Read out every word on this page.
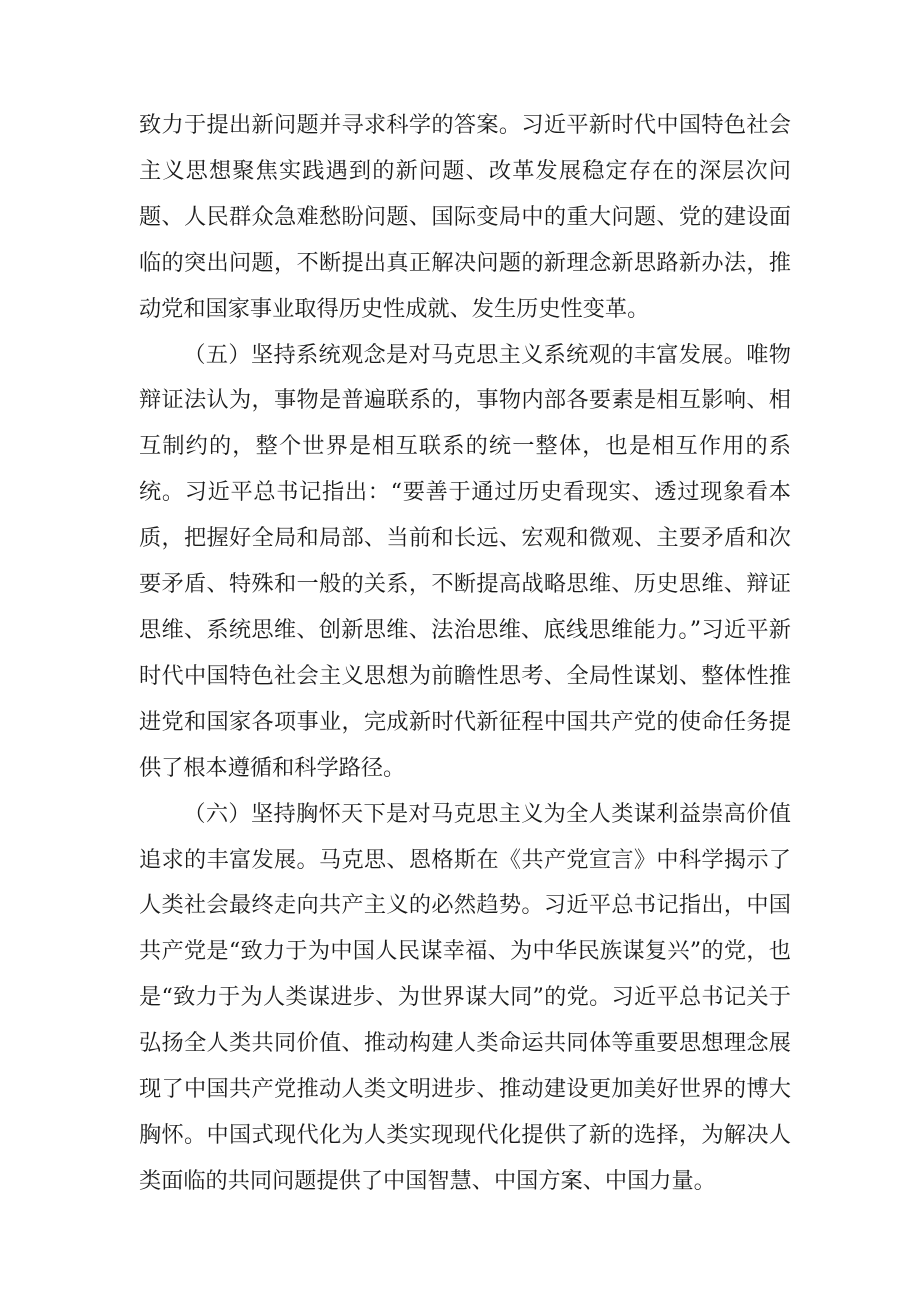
致力于提出新问题并寻求科学的答案。习近平新时代中国特色社会主义思想聚焦实践遇到的新问题、改革发展稳定存在的深层次问题、人民群众急难愁盼问题、国际变局中的重大问题、党的建设面临的突出问题，不断提出真正解决问题的新理念新思路新办法，推动党和国家事业取得历史性成就、发生历史性变革。

（五）坚持系统观念是对马克思主义系统观的丰富发展。唯物辩证法认为，事物是普遍联系的，事物内部各要素是相互影响、相互制约的，整个世界是相互联系的统一整体，也是相互作用的系统。习近平总书记指出：“要善于通过历史看现实、透过现象看本质，把握好全局和局部、当前和长远、宏观和微观、主要矛盾和次要矛盾、特殊和一般的关系，不断提高战略思维、历史思维、辩证思维、系统思维、创新思维、法治思维、底线思维能力。”习近平新时代中国特色社会主义思想为前瞻性思考、全局性谋划、整体性推进党和国家各项事业，完成新时代新征程中国共产党的使命任务提供了根本遵循和科学路径。

（六）坚持胸怀天下是对马克思主义为全人类谋利益崇高价值追求的丰富发展。马克思、恩格斯在《共产党宣言》中科学揭示了人类社会最终走向共产主义的必然趋势。习近平总书记指出，中国共产党是“致力于为中国人民谋幸福、为中华民族谋复兴”的党，也是“致力于为人类谋进步、为世界谋大同”的党。习近平总书记关于弘扬全人类共同价值、推动构建人类命运共同体等重要思想理念展现了中国共产党推动人类文明进步、推动建设更加美好世界的博大胸怀。中国式现代化为人类实现现代化提供了新的选择，为解决人类面临的共同问题提供了中国智慧、中国方案、中国力量。
